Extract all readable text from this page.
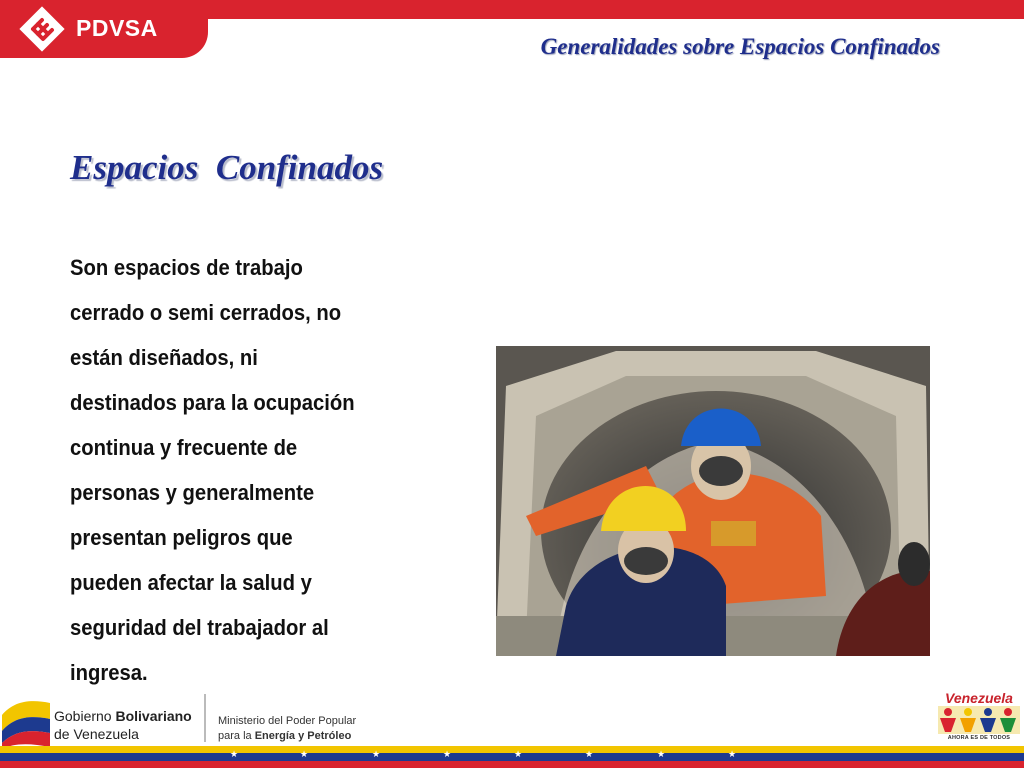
PDVSA
Generalidades sobre Espacios Confinados
Espacios  Confinados
Son espacios de trabajo
cerrado o semi cerrados, no
están diseñados, ni
destinados para la ocupación
continua y frecuente de
personas y generalmente
presentan peligros que
pueden afectar la salud y
seguridad del trabajador al
ingresa.
Gobierno Bolivariano
de Venezuela
Ministerio del Poder Popular
para la Energía y Petróleo
Venezuela
AHORA ES DE TODOS
★	★	★	★	★	★	★	★
